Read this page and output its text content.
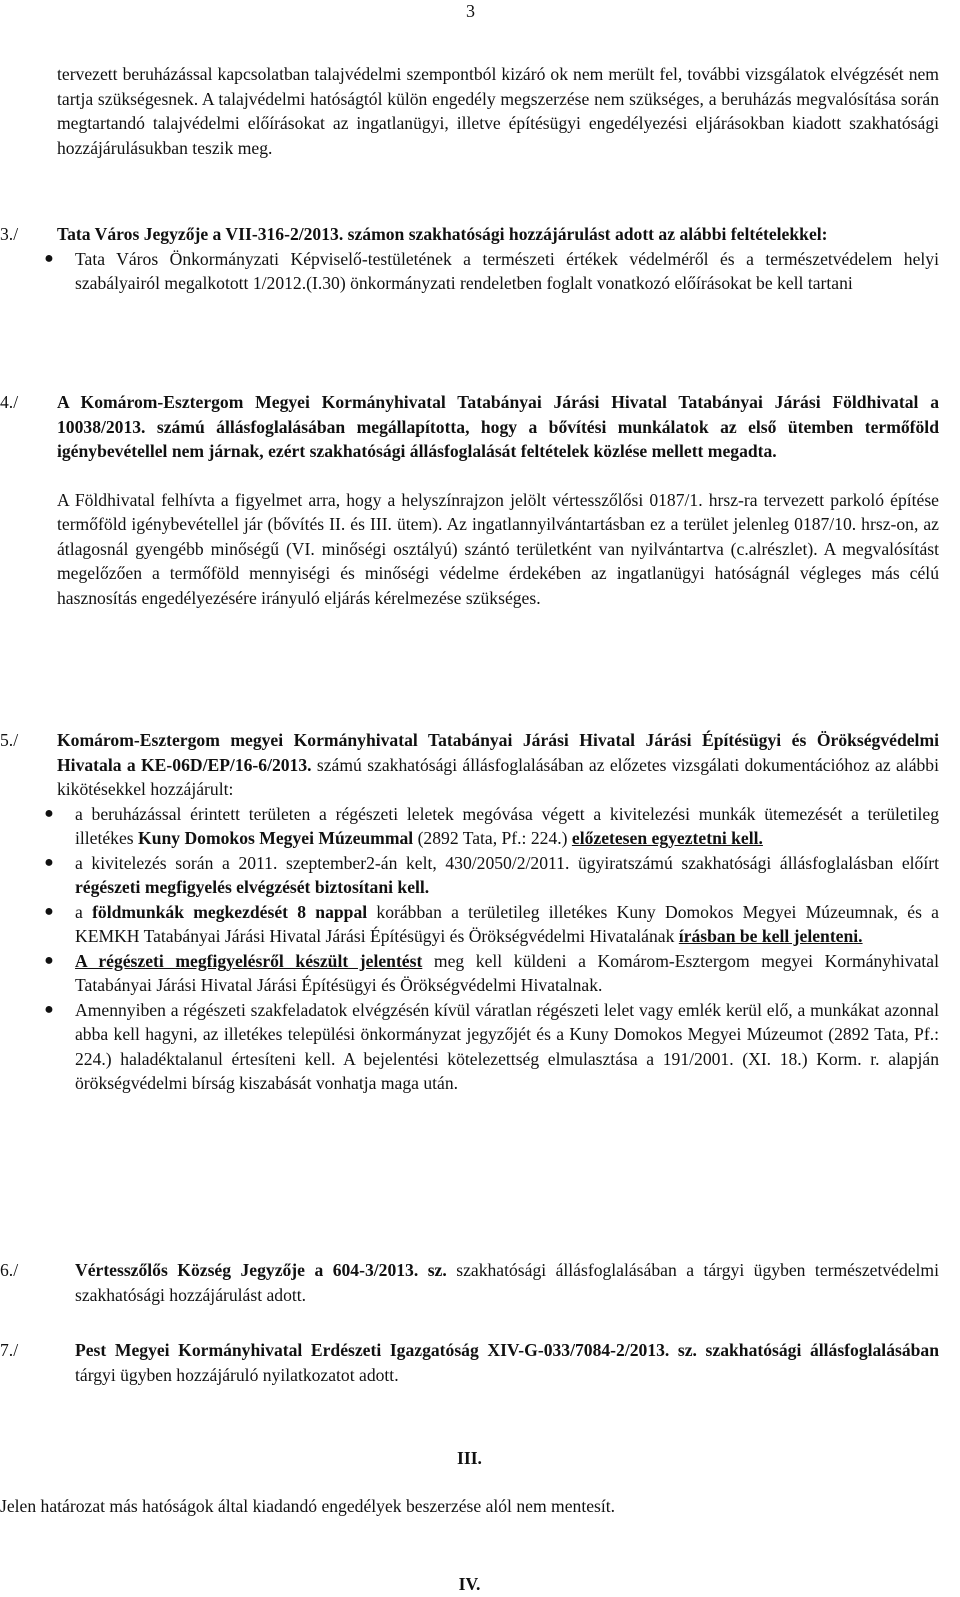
3

tervezett beruházással kapcsolatban talajvédelmi szempontból kizáró ok nem merült fel, további vizsgálatok elvégzését nem tartja szükségesnek. A talajvédelmi hatóságtól külön engedély megszerzése nem szükséges, a beruházás megvalósítása során megtartandó talajvédelmi előírásokat az ingatlanügyi, illetve építésügyi engedélyezési eljárásokban kiadott szakhatósági hozzájárulásukban teszik meg.

3./ Tata Város Jegyzője a VII-316-2/2013. számon szakhatósági hozzájárulást adott az alábbi feltételekkel:

● Tata Város Önkormányzati Képviselő-testületének a természeti értékek védelméről és a természetvédelem helyi szabályairól megalkotott 1/2012.(I.30) önkormányzati rendeletben foglalt vonatkozó előírásokat be kell tartani

4./ A Komárom-Esztergom Megyei Kormányhivatal Tatabányai Járási Hivatal Tatabányai Járási Földhivatal a 10038/2013. számú állásfoglalásában megállapította, hogy a bővítési munkálatok az első ütemben termőföld igénybevétellel nem járnak, ezért szakhatósági állásfoglalását feltételek közlése mellett megadta.

A Földhivatal felhívta a figyelmet arra, hogy a helyszínrajzon jelölt vértesszőlősi 0187/1. hrsz-ra tervezett parkoló építése termőföld igénybevétellel jár (bővítés II. és III. ütem). Az ingatlannyilvántartásban ez a terület jelenleg 0187/10. hrsz-on, az átlagosnál gyengébb minőségű (VI. minőségi osztályú) szántó területként van nyilvántartva (c.alrészlet). A megvalósítást megelőzően a termőföld mennyiségi és minőségi védelme érdekében az ingatlanügyi hatóságnál végleges más célú hasznosítás engedélyezésére irányuló eljárás kérelmezése szükséges.

5./ Komárom-Esztergom megyei Kormányhivatal Tatabányai Járási Hivatal Járási Építésügyi és Örökségvédelmi Hivatala a KE-06D/EP/16-6/2013. számú szakhatósági állásfoglalásában az előzetes vizsgálati dokumentációhoz az alábbi kikötésekkel hozzájárult:

● a beruházással érintett területen a régészeti leletek megóvása végett a kivitelezési munkák ütemezését a területileg illetékes Kuny Domokos Megyei Múzeummal (2892 Tata, Pf.: 224.) előzetesen egyeztetni kell.

● a kivitelezés során a 2011. szeptember2-án kelt, 430/2050/2/2011. ügyiratszámú szakhatósági állásfoglalásban előírt régészeti megfigyelés elvégzését biztosítani kell.

● a földmunkák megkezdését 8 nappal korábban a területileg illetékes Kuny Domokos Megyei Múzeumnak, és a KEMKH Tatabányai Járási Hivatal Járási Építésügyi és Örökségvédelmi Hivatalának írásban be kell jelenteni.

● A régészeti megfigyelésről készült jelentést meg kell küldeni a Komárom-Esztergom megyei Kormányhivatal Tatabányai Járási Hivatal Járási Építésügyi és Örökségvédelmi Hivatalnak.

● Amennyiben a régészeti szakfeladatok elvégzésén kívül váratlan régészeti lelet vagy emlék kerül elő, a munkákat azonnal abba kell hagyni, az illetékes települési önkormányzat jegyzőjét és a Kuny Domokos Megyei Múzeumot (2892 Tata, Pf.: 224.) haladéktalanul értesíteni kell. A bejelentési kötelezettség elmulasztása a 191/2001. (XI. 18.) Korm. r. alapján örökségvédelmi bírság kiszabását vonhatja maga után.

6./	Vértesszőlős Község Jegyzője a 604-3/2013. sz. szakhatósági állásfoglalásában a tárgyi ügyben természetvédelmi szakhatósági hozzájárulást adott.

7./	Pest Megyei Kormányhivatal Erdészeti Igazgatóság XIV-G-033/7084-2/2013. sz. szakhatósági állásfoglalásában tárgyi ügyben hozzájáruló nyilatkozatot adott.

III.
Jelen határozat más hatóságok által kiadandó engedélyek beszerzése alól nem mentesít.
IV.
